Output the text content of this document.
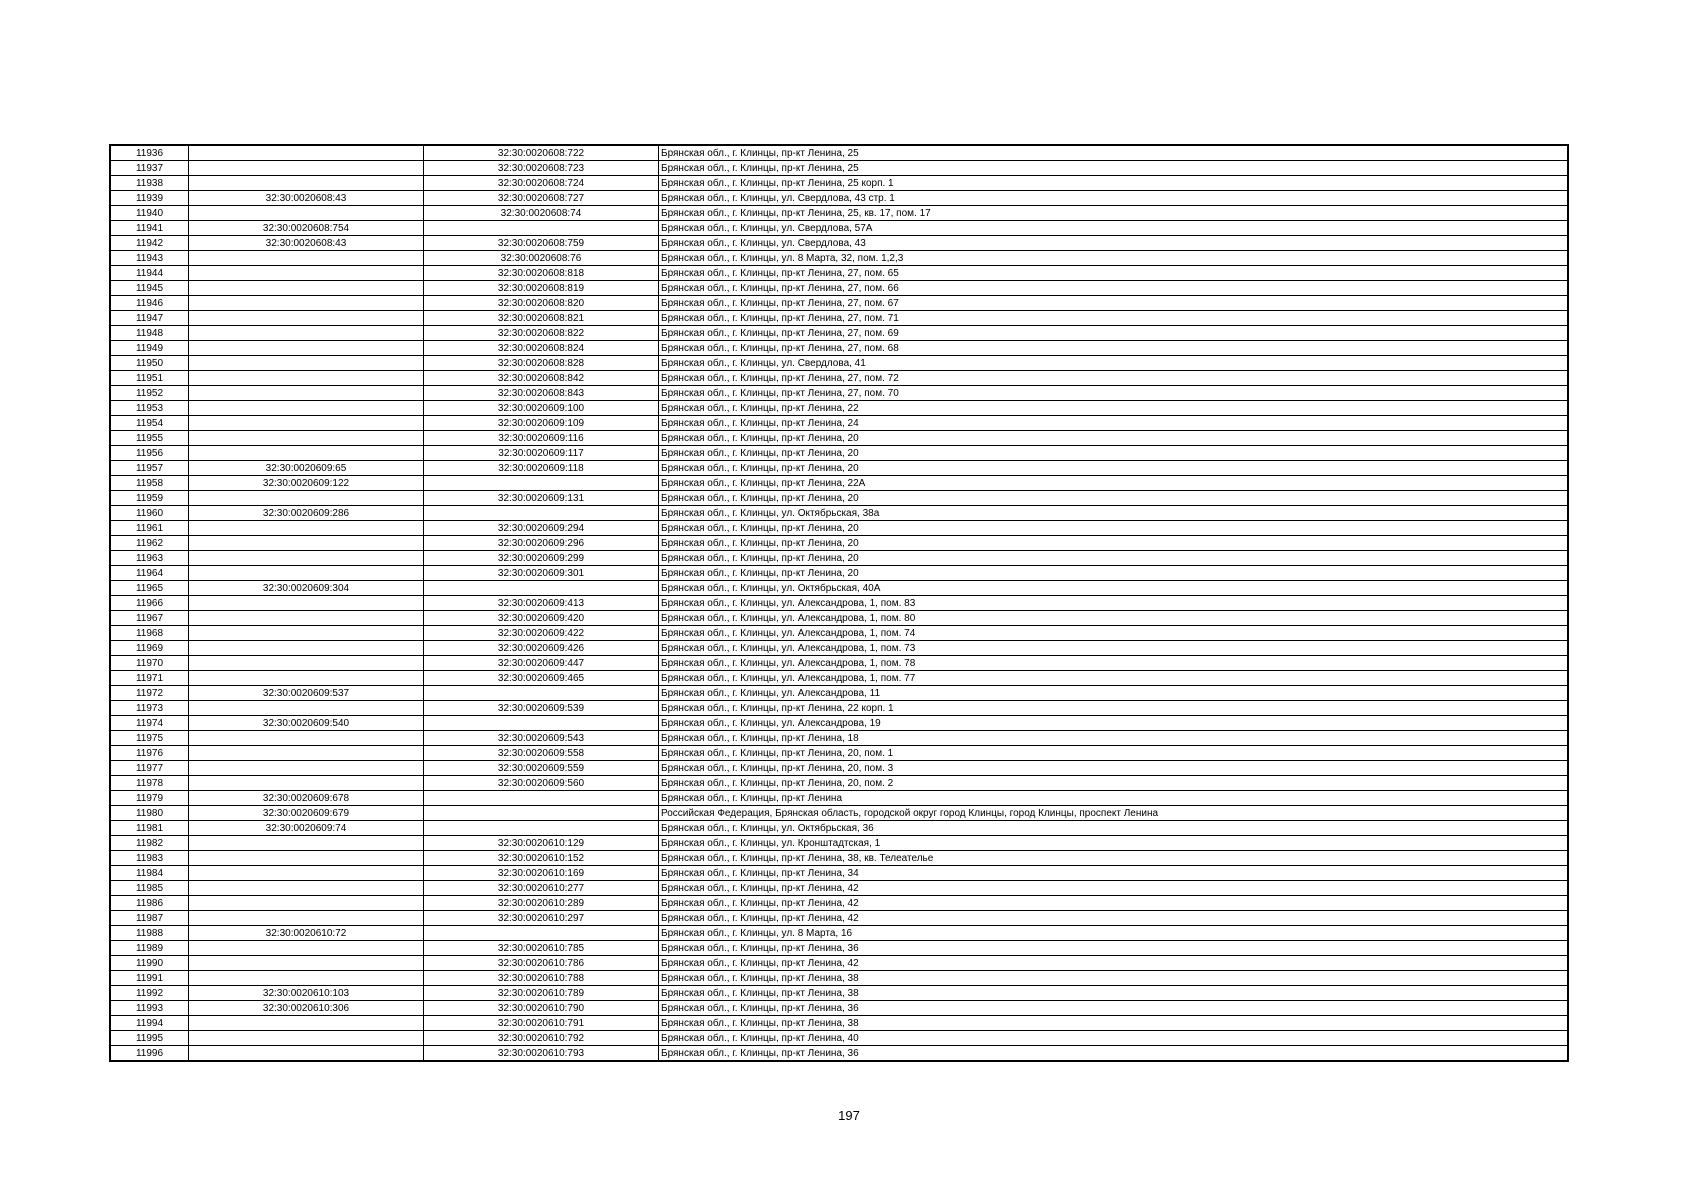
11936		32:30:0020608:722	Брянская обл., г. Клинцы, пр-кт Ленина, 25
11937		32:30:0020608:723	Брянская обл., г. Клинцы, пр-кт Ленина, 25
11938		32:30:0020608:724	Брянская обл., г. Клинцы, пр-кт Ленина, 25 корп. 1
11939	32:30:0020608:43	32:30:0020608:727	Брянская обл., г. Клинцы, ул. Свердлова, 43 стр. 1
11940		32:30:0020608:74	Брянская обл., г. Клинцы, пр-кт Ленина, 25, кв. 17, пом. 17
11941	32:30:0020608:754		Брянская обл., г. Клинцы, ул. Свердлова, 57А
11942	32:30:0020608:43	32:30:0020608:759	Брянская обл., г. Клинцы, ул. Свердлова, 43
11943		32:30:0020608:76	Брянская обл., г. Клинцы, ул. 8 Марта, 32, пом. 1,2,3
11944		32:30:0020608:818	Брянская обл., г. Клинцы, пр-кт Ленина, 27, пом. 65
11945		32:30:0020608:819	Брянская обл., г. Клинцы, пр-кт Ленина, 27, пом. 66
11946		32:30:0020608:820	Брянская обл., г. Клинцы, пр-кт Ленина, 27, пом. 67
11947		32:30:0020608:821	Брянская обл., г. Клинцы, пр-кт Ленина, 27, пом. 71
11948		32:30:0020608:822	Брянская обл., г. Клинцы, пр-кт Ленина, 27, пом. 69
11949		32:30:0020608:824	Брянская обл., г. Клинцы, пр-кт Ленина, 27, пом. 68
11950		32:30:0020608:828	Брянская обл., г. Клинцы, ул. Свердлова, 41
11951		32:30:0020608:842	Брянская обл., г. Клинцы, пр-кт Ленина, 27, пом. 72
11952		32:30:0020608:843	Брянская обл., г. Клинцы, пр-кт Ленина, 27, пом. 70
11953		32:30:0020609:100	Брянская обл., г. Клинцы, пр-кт Ленина, 22
11954		32:30:0020609:109	Брянская обл., г. Клинцы, пр-кт Ленина, 24
11955		32:30:0020609:116	Брянская обл., г. Клинцы, пр-кт Ленина, 20
11956		32:30:0020609:117	Брянская обл., г. Клинцы, пр-кт Ленина, 20
11957	32:30:0020609:65	32:30:0020609:118	Брянская обл., г. Клинцы, пр-кт Ленина, 20
11958	32:30:0020609:122		Брянская обл., г. Клинцы, пр-кт Ленина, 22А
11959		32:30:0020609:131	Брянская обл., г. Клинцы, пр-кт Ленина, 20
11960	32:30:0020609:286		Брянская обл., г. Клинцы, ул. Октябрьская, 38а
11961		32:30:0020609:294	Брянская обл., г. Клинцы, пр-кт Ленина, 20
11962		32:30:0020609:296	Брянская обл., г. Клинцы, пр-кт Ленина, 20
11963		32:30:0020609:299	Брянская обл., г. Клинцы, пр-кт Ленина, 20
11964		32:30:0020609:301	Брянская обл., г. Клинцы, пр-кт Ленина, 20
11965	32:30:0020609:304		Брянская обл., г. Клинцы, ул. Октябрьская, 40А
11966		32:30:0020609:413	Брянская обл., г. Клинцы, ул. Александрова, 1, пом. 83
11967		32:30:0020609:420	Брянская обл., г. Клинцы, ул. Александрова, 1, пом. 80
11968		32:30:0020609:422	Брянская обл., г. Клинцы, ул. Александрова, 1, пом. 74
11969		32:30:0020609:426	Брянская обл., г. Клинцы, ул. Александрова, 1, пом. 73
11970		32:30:0020609:447	Брянская обл., г. Клинцы, ул. Александрова, 1, пом. 78
11971		32:30:0020609:465	Брянская обл., г. Клинцы, ул. Александрова, 1, пом. 77
11972	32:30:0020609:537		Брянская обл., г. Клинцы, ул. Александрова, 11
11973		32:30:0020609:539	Брянская обл., г. Клинцы, пр-кт Ленина, 22 корп. 1
11974	32:30:0020609:540		Брянская обл., г. Клинцы, ул. Александрова, 19
11975		32:30:0020609:543	Брянская обл., г. Клинцы, пр-кт Ленина, 18
11976		32:30:0020609:558	Брянская обл., г. Клинцы, пр-кт Ленина, 20, пом. 1
11977		32:30:0020609:559	Брянская обл., г. Клинцы, пр-кт Ленина, 20, пом. 3
11978		32:30:0020609:560	Брянская обл., г. Клинцы, пр-кт Ленина, 20, пом. 2
11979	32:30:0020609:678		Брянская обл., г. Клинцы, пр-кт Ленина
11980	32:30:0020609:679		Российская Федерация, Брянская область, городской округ город Клинцы, город Клинцы, проспект Ленина
11981	32:30:0020609:74		Брянская обл., г. Клинцы, ул. Октябрьская, 36
11982		32:30:0020610:129	Брянская обл., г. Клинцы, ул. Кронштадтская, 1
11983		32:30:0020610:152	Брянская обл., г. Клинцы, пр-кт Ленина, 38, кв. Телеателье
11984		32:30:0020610:169	Брянская обл., г. Клинцы, пр-кт Ленина, 34
11985		32:30:0020610:277	Брянская обл., г. Клинцы, пр-кт Ленина, 42
11986		32:30:0020610:289	Брянская обл., г. Клинцы, пр-кт Ленина, 42
11987		32:30:0020610:297	Брянская обл., г. Клинцы, пр-кт Ленина, 42
11988	32:30:0020610:72		Брянская обл., г. Клинцы, ул. 8 Марта, 16
11989		32:30:0020610:785	Брянская обл., г. Клинцы, пр-кт Ленина, 36
11990		32:30:0020610:786	Брянская обл., г. Клинцы, пр-кт Ленина, 42
11991		32:30:0020610:788	Брянская обл., г. Клинцы, пр-кт Ленина, 38
11992	32:30:0020610:103	32:30:0020610:789	Брянская обл., г. Клинцы, пр-кт Ленина, 38
11993	32:30:0020610:306	32:30:0020610:790	Брянская обл., г. Клинцы, пр-кт Ленина, 36
11994		32:30:0020610:791	Брянская обл., г. Клинцы, пр-кт Ленина, 38
11995		32:30:0020610:792	Брянская обл., г. Клинцы, пр-кт Ленина, 40
11996		32:30:0020610:793	Брянская обл., г. Клинцы, пр-кт Ленина, 36
197
